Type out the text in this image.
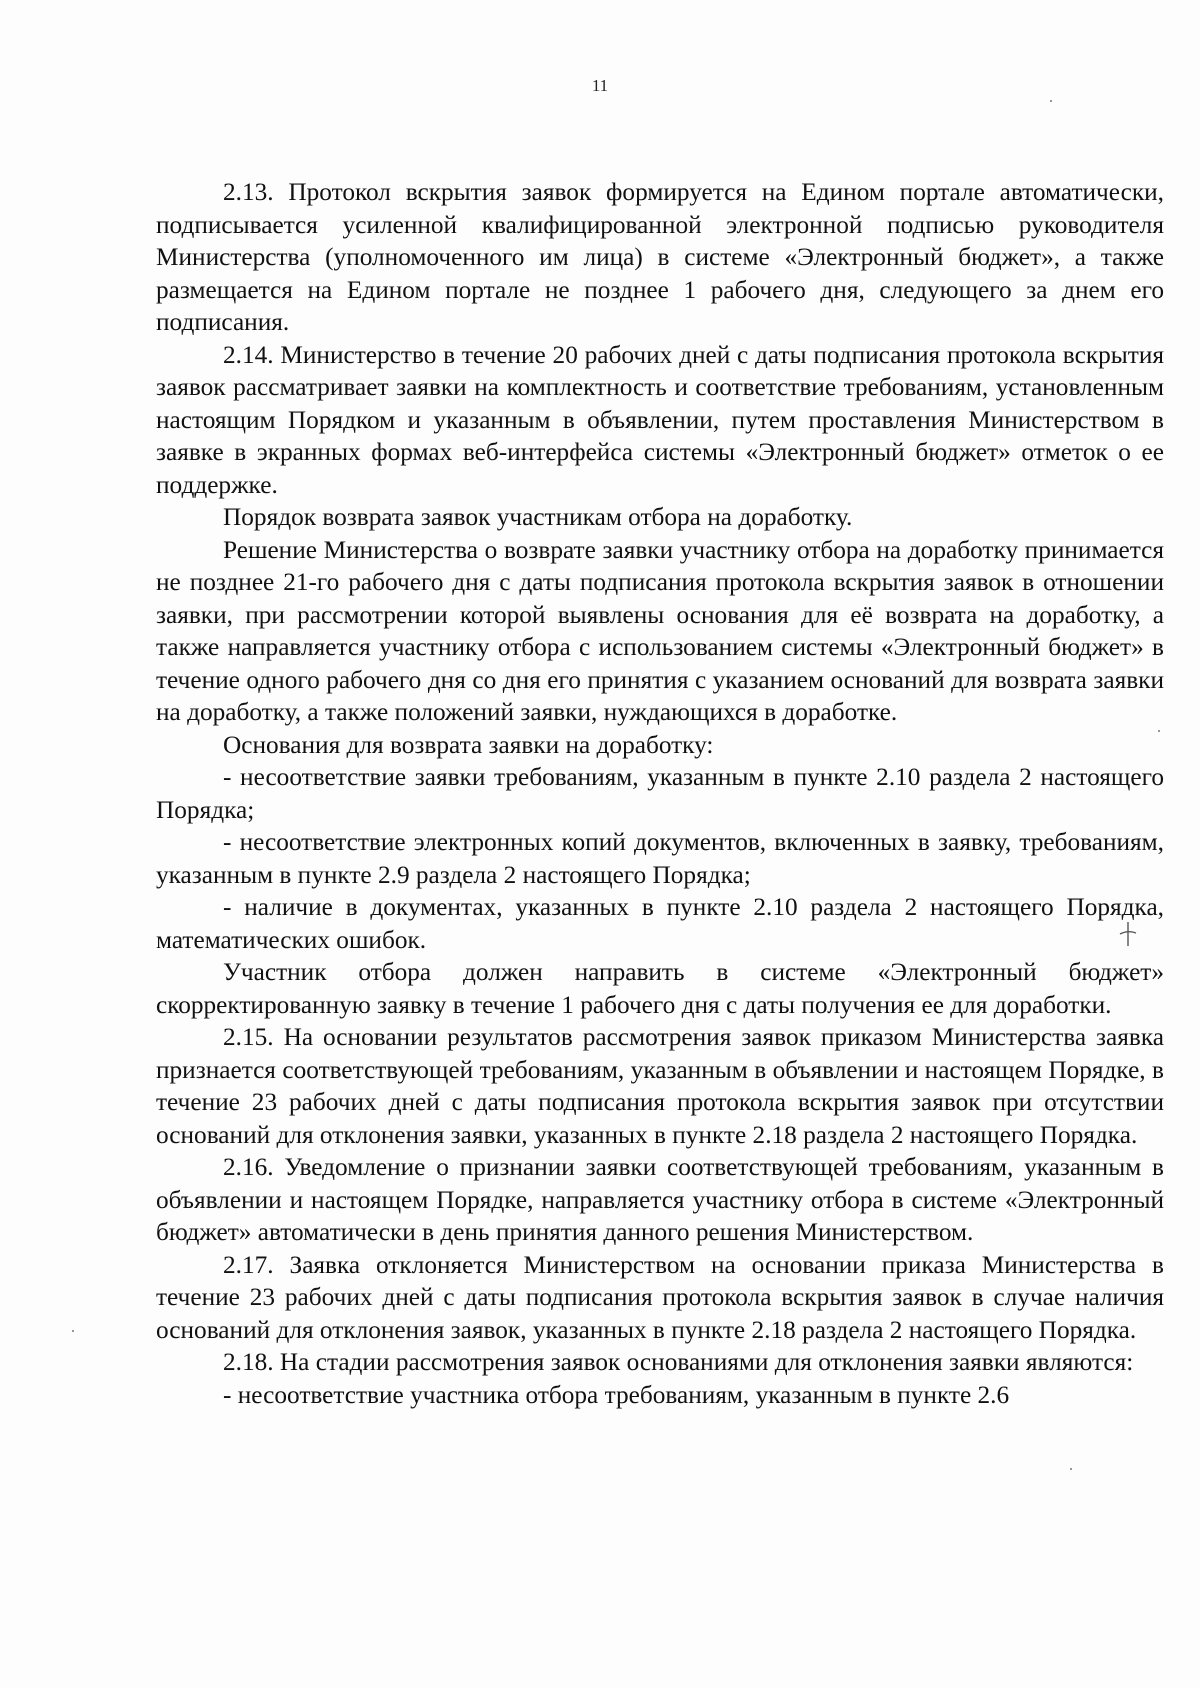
11

2.13. Протокол вскрытия заявок формируется на Едином портале автоматически, подписывается усиленной квалифицированной электронной подписью руководителя Министерства (уполномоченного им лица) в системе «Электронный бюджет», а также размещается на Едином портале не позднее 1 рабочего дня, следующего за днем его подписания.

2.14. Министерство в течение 20 рабочих дней с даты подписания протокола вскрытия заявок рассматривает заявки на комплектность и соответствие требованиям, установленным настоящим Порядком и указанным в объявлении, путем проставления Министерством в заявке в экранных формах веб-интерфейса системы «Электронный бюджет» отметок о ее поддержке.

Порядок возврата заявок участникам отбора на доработку.

Решение Министерства о возврате заявки участнику отбора на доработку принимается не позднее 21-го рабочего дня с даты подписания протокола вскрытия заявок в отношении заявки, при рассмотрении которой выявлены основания для её возврата на доработку, а также направляется участнику отбора с использованием системы «Электронный бюджет» в течение одного рабочего дня со дня его принятия с указанием оснований для возврата заявки на доработку, а также положений заявки, нуждающихся в доработке.

Основания для возврата заявки на доработку:

- несоответствие заявки требованиям, указанным в пункте 2.10 раздела 2 настоящего Порядка;

- несоответствие электронных копий документов, включенных в заявку, требованиям, указанным в пункте 2.9 раздела 2 настоящего Порядка;

- наличие в документах, указанных в пункте 2.10 раздела 2 настоящего Порядка, математических ошибок.

Участник отбора должен направить в системе «Электронный бюджет» скорректированную заявку в течение 1 рабочего дня с даты получения ее для доработки.

2.15. На основании результатов рассмотрения заявок приказом Министерства заявка признается соответствующей требованиям, указанным в объявлении и настоящем Порядке, в течение 23 рабочих дней с даты подписания протокола вскрытия заявок при отсутствии оснований для отклонения заявки, указанных в пункте 2.18 раздела 2 настоящего Порядка.

2.16. Уведомление о признании заявки соответствующей требованиям, указанным в объявлении и настоящем Порядке, направляется участнику отбора в системе «Электронный бюджет» автоматически в день принятия данного решения Министерством.

2.17. Заявка отклоняется Министерством на основании приказа Министерства в течение 23 рабочих дней с даты подписания протокола вскрытия заявок в случае наличия оснований для отклонения заявок, указанных в пункте 2.18 раздела 2 настоящего Порядка.

2.18. На стадии рассмотрения заявок основаниями для отклонения заявки являются:

- несоответствие участника отбора требованиям, указанным в пункте 2.6
